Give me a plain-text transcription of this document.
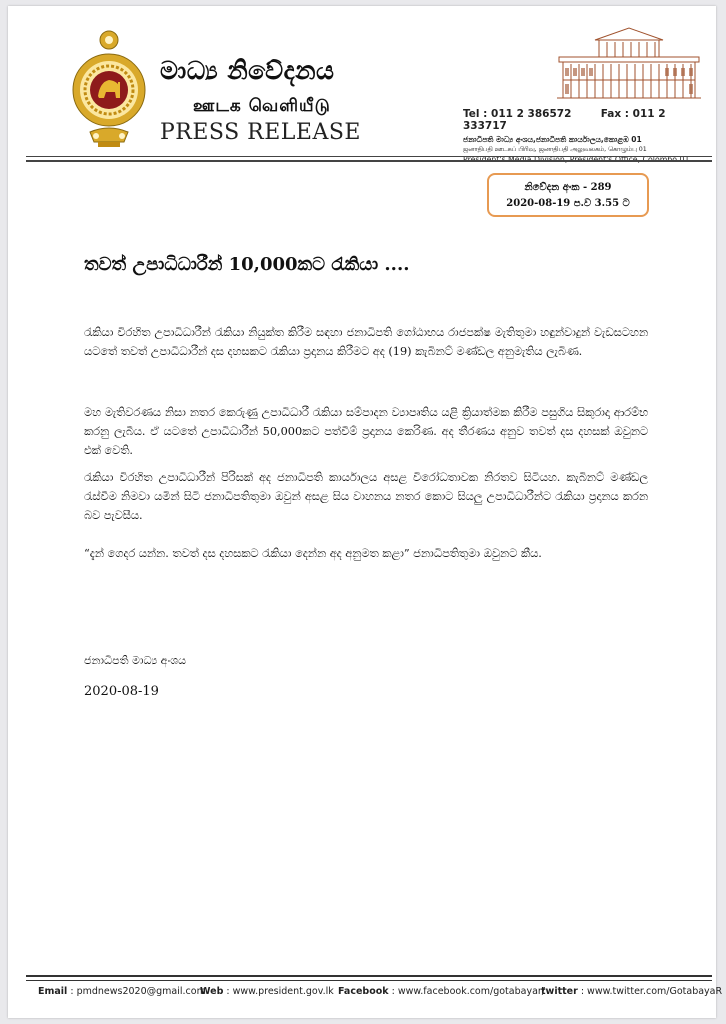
මාධ්‍ය නිවේදනය
ஊடக வெளியீடு
PRESS RELEASE
Tel : 011 2 386572	Fax : 011 2 333717
ජනාධිපති මාධ්‍ය අංශය,ජනාධිපති කාර්යාලය,කොළඹ 01
ஜனாதிபதி ஊடகப் பிரிவு, ஜனாதிபதி அலுவலகம், கொழும்பு 01
නිවේදන අංක - 289
2020-08-19 ප.ව 3.55 ට
තවත් උපාධිධාරීන් 10,000කට රැකියා ....
රැකියා විරහිත උපාධිධාරීන් රැකියා නියුක්ත කිරීම සඳහා ජනාධිපති ගෝඨාභය රාජපක්ෂ මැතිතුමා හඳුන්වාදුන් වැඩසටහන යටතේ තවත් උපාධිධාරීන් දස දහසකට රැකියා ප්‍රදානය කිරීමට අද (19) කැබිනට් මණ්ඩල අනුමැතිය ලැබිණ.
මහ මැතිවරණය නිසා නතර කෙරුණු උපාධිධාරී රැකියා සම්පාදන ව්‍යාපෘතිය යළි ක්‍රියාත්මක කිරීම පසුගිය සිකුරාදා ආරම්භ කරනු ලැබීය. ඒ යටතේ උපාධිධාරීන් 50,000කට පත්වීම් ප්‍රදානය කෙරිණ. අද තීරණය අනුව තවත් දස දහසක් ඔවුනට එක් වෙති.
රැකියා විරහිත උපාධිධාරීන් පිරිසක් අද ජනාධිපති කාර්යාලය අසළ විරෝධතාවක නිරතව සිටියහ. කැබිනට් මණ්ඩල රැස්වීම නිමවා යමින් සිටි ජනාධිපතිතුමා ඔවුන් අසළ සිය වාහනය නතර කොට සියලු උපාධිධාරීන්ට රැකියා ප්‍රදානය කරන බව පැවසීය.
“දැන් ගෙදර යන්න. තවත් දස දහසකට රැකියා දෙන්න අද අනුමත කළා” ජනාධිපතිතුමා ඔවුනට කීය.
ජනාධිපති මාධ්‍ය අංශය
2020-08-19
Email : pmdnews2020@gmail.com
Web : www.president.gov.lk Facebook : www.facebook.com/gotabayar/
twitter : www.twitter.com/GotabayaR
